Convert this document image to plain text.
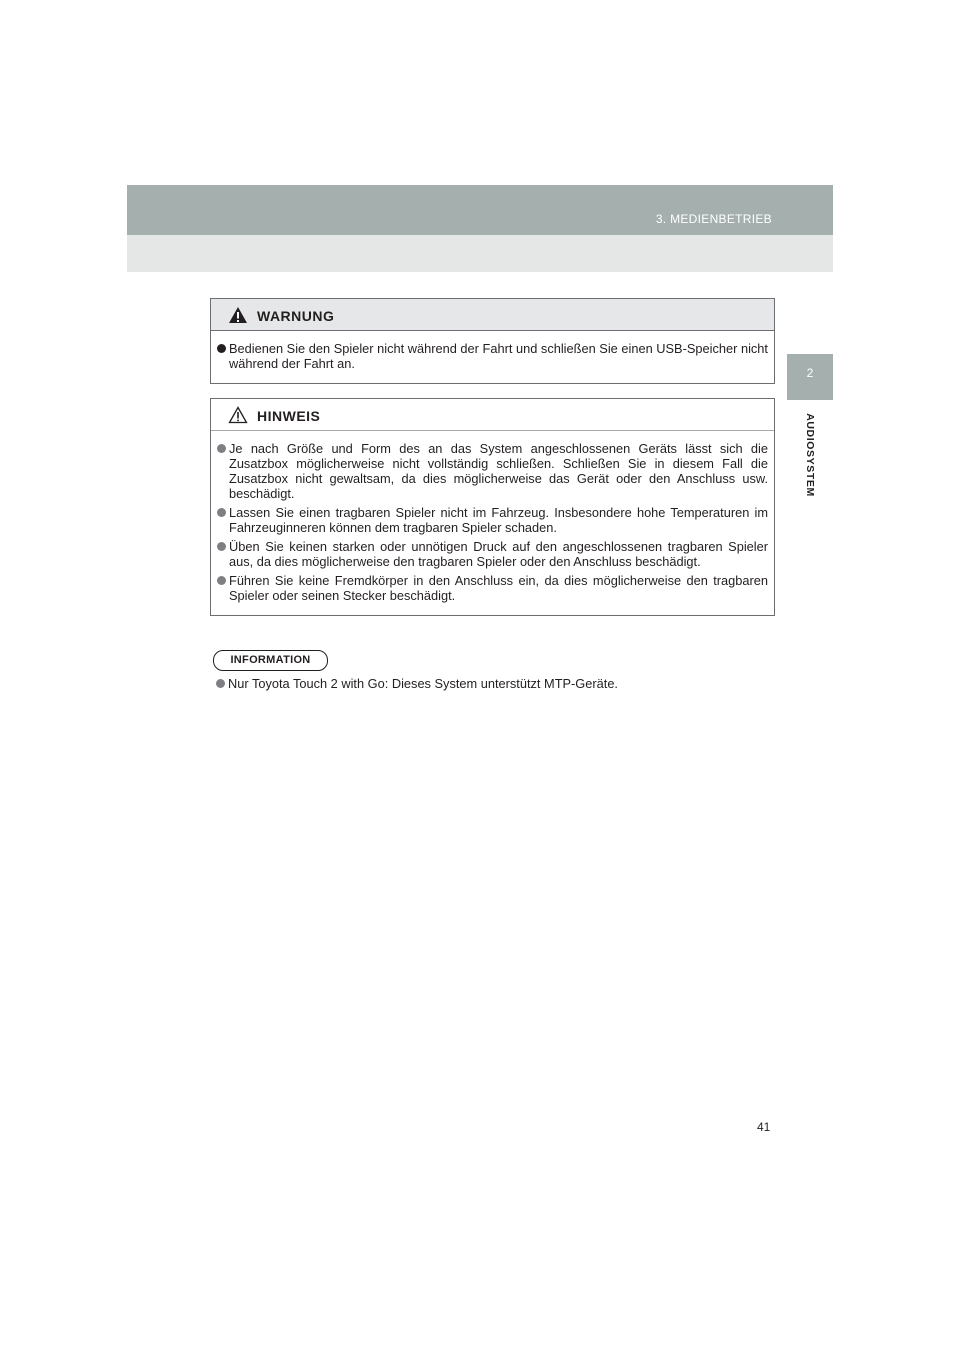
3. MEDIENBETRIEB
2
AUDIOSYSTEM
WARNUNG
Bedienen Sie den Spieler nicht während der Fahrt und schließen Sie einen USB-Speicher nicht während der Fahrt an.
HINWEIS
Je nach Größe und Form des an das System angeschlossenen Geräts lässt sich die Zusatzbox möglicherweise nicht vollständig schließen. Schließen Sie in diesem Fall die Zusatzbox nicht gewaltsam, da dies möglicherweise das Gerät oder den Anschluss usw. beschädigt.
Lassen Sie einen tragbaren Spieler nicht im Fahrzeug. Insbesondere hohe Temperaturen im Fahrzeuginneren können dem tragbaren Spieler schaden.
Üben Sie keinen starken oder unnötigen Druck auf den angeschlossenen tragbaren Spieler aus, da dies möglicherweise den tragbaren Spieler oder den Anschluss beschädigt.
Führen Sie keine Fremdkörper in den Anschluss ein, da dies möglicherweise den tragbaren Spieler oder seinen Stecker beschädigt.
INFORMATION
Nur Toyota Touch 2 with Go: Dieses System unterstützt MTP-Geräte.
41
